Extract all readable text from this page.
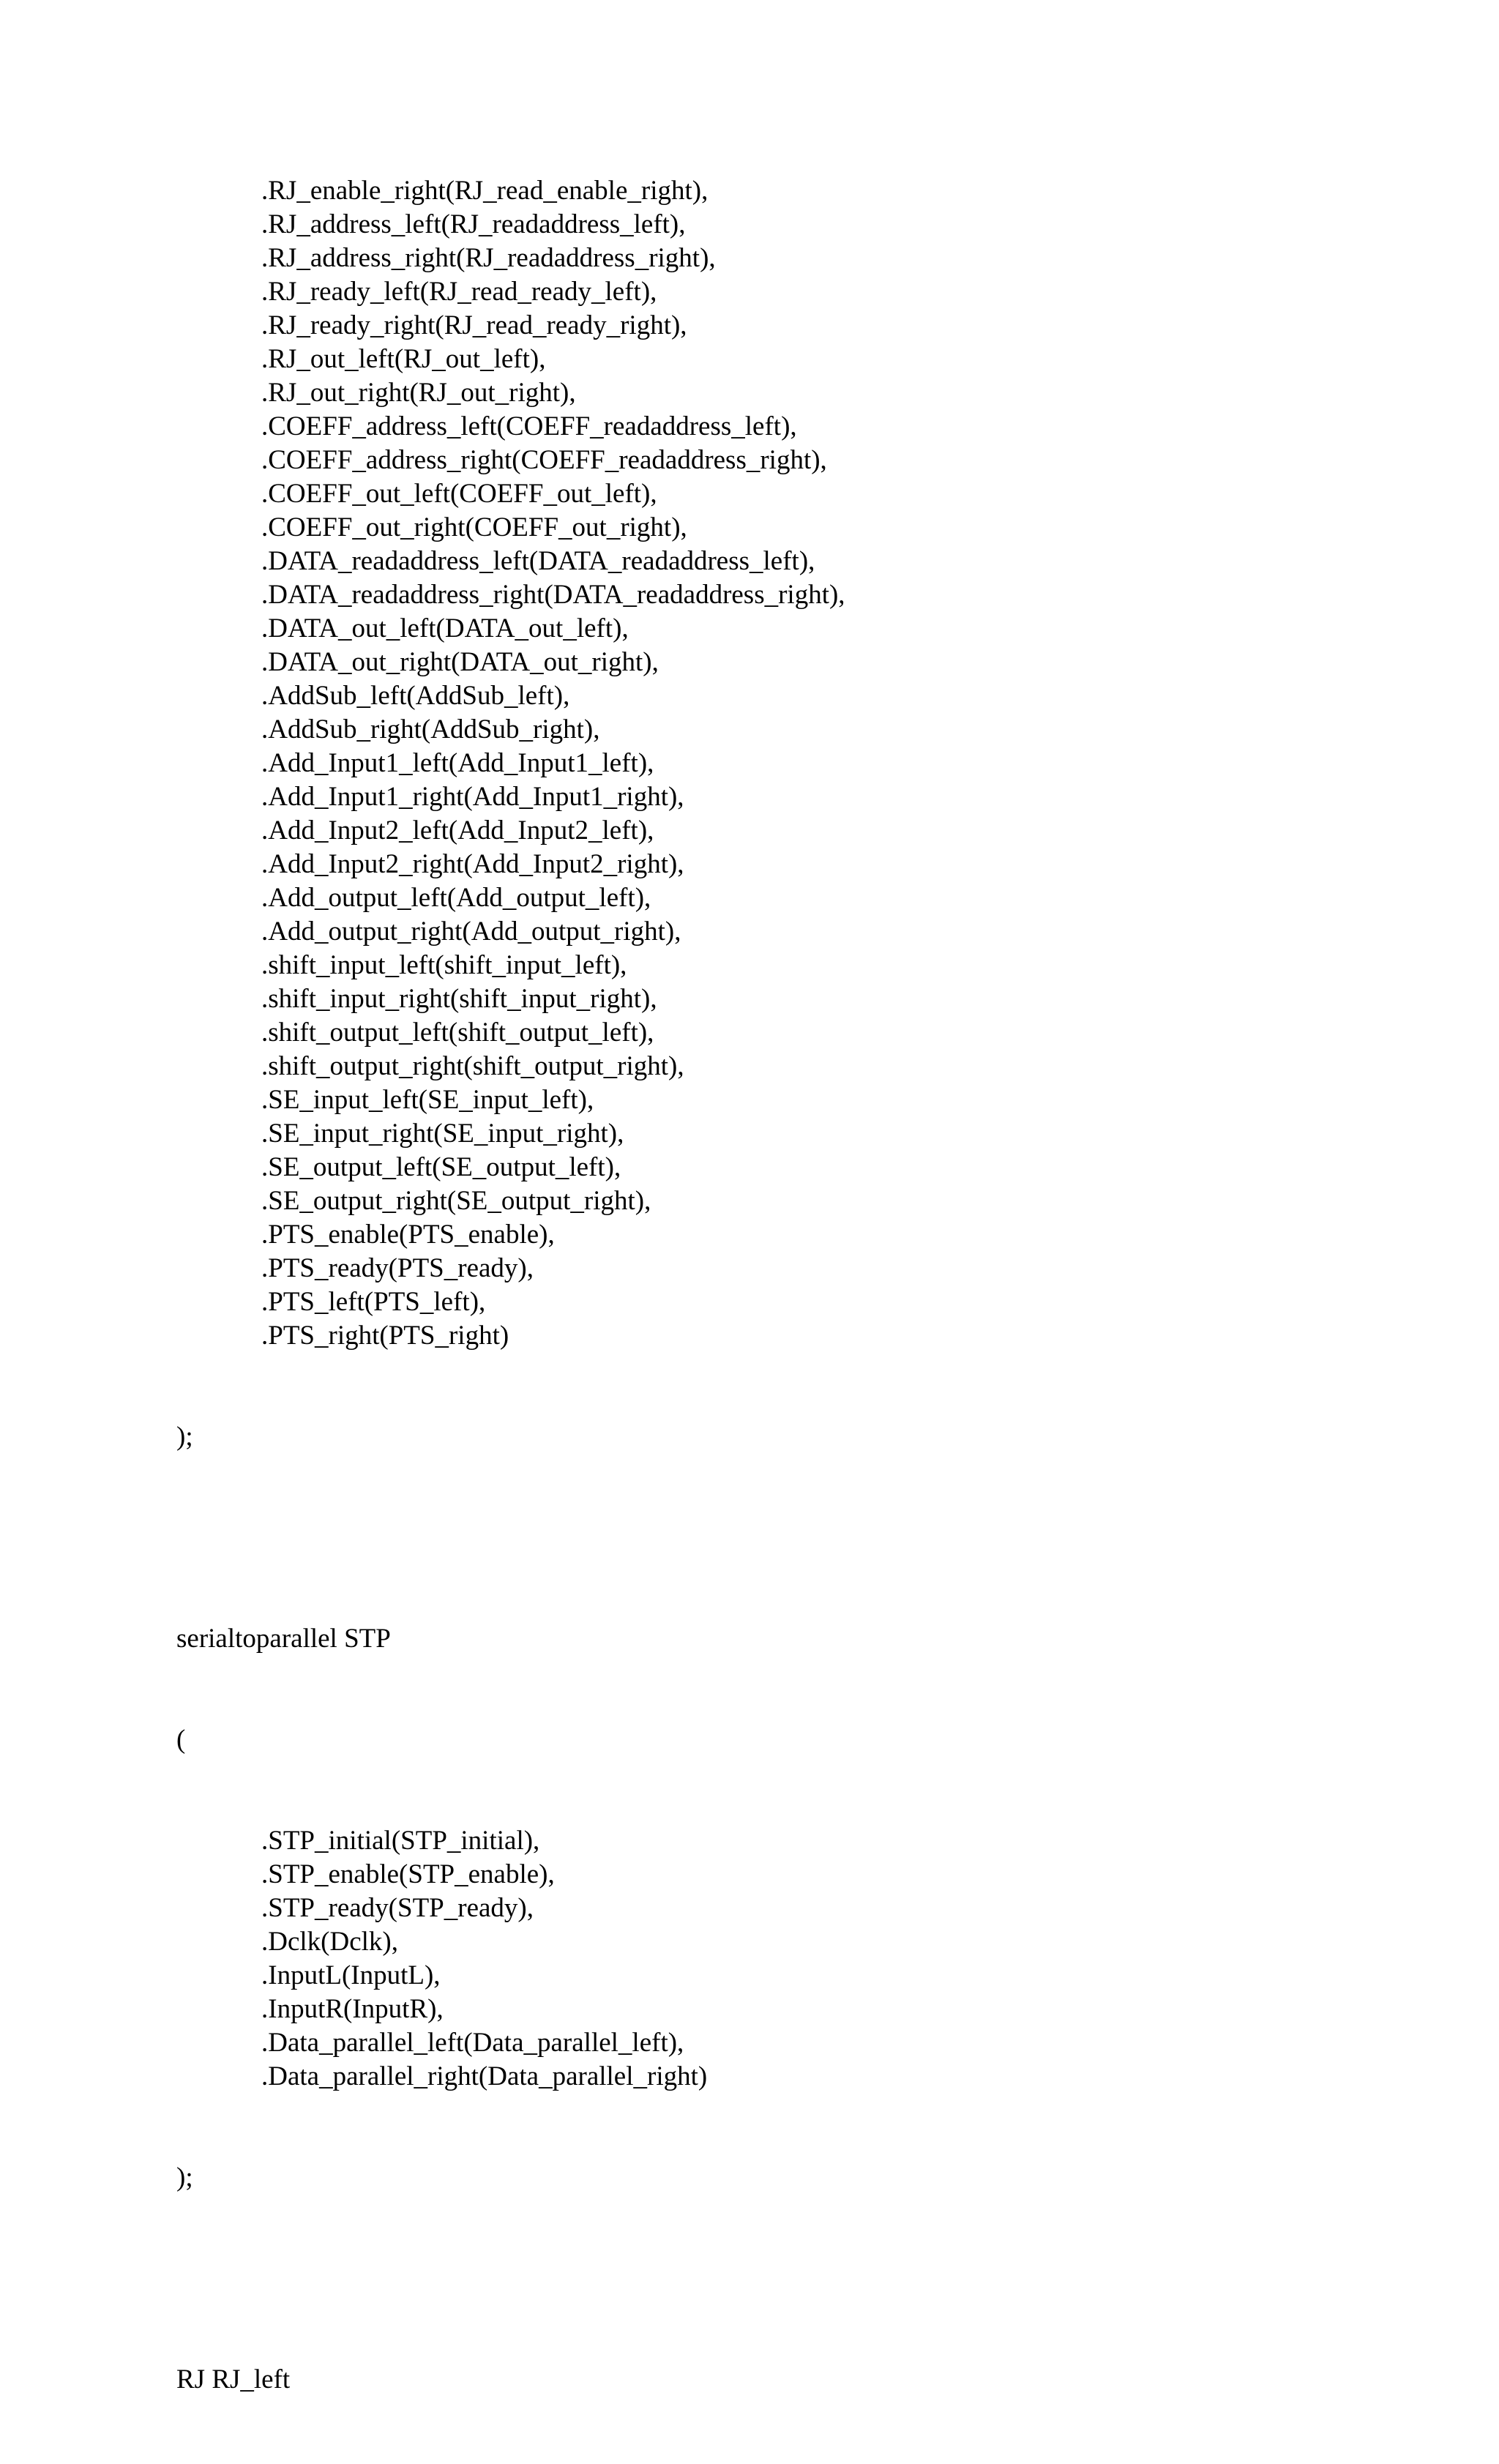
.RJ_enable_right(RJ_read_enable_right),
.RJ_address_left(RJ_readaddress_left),
.RJ_address_right(RJ_readaddress_right),
.RJ_ready_left(RJ_read_ready_left),
.RJ_ready_right(RJ_read_ready_right),
.RJ_out_left(RJ_out_left),
.RJ_out_right(RJ_out_right),
.COEFF_address_left(COEFF_readaddress_left),
.COEFF_address_right(COEFF_readaddress_right),
.COEFF_out_left(COEFF_out_left),
.COEFF_out_right(COEFF_out_right),
.DATA_readaddress_left(DATA_readaddress_left),
.DATA_readaddress_right(DATA_readaddress_right),
.DATA_out_left(DATA_out_left),
.DATA_out_right(DATA_out_right),
.AddSub_left(AddSub_left),
.AddSub_right(AddSub_right),
.Add_Input1_left(Add_Input1_left),
.Add_Input1_right(Add_Input1_right),
.Add_Input2_left(Add_Input2_left),
.Add_Input2_right(Add_Input2_right),
.Add_output_left(Add_output_left),
.Add_output_right(Add_output_right),
.shift_input_left(shift_input_left),
.shift_input_right(shift_input_right),
.shift_output_left(shift_output_left),
.shift_output_right(shift_output_right),
.SE_input_left(SE_input_left),
.SE_input_right(SE_input_right),
.SE_output_left(SE_output_left),
.SE_output_right(SE_output_right),
.PTS_enable(PTS_enable),
.PTS_ready(PTS_ready),
.PTS_left(PTS_left),
.PTS_right(PTS_right)

);

serialtoparallel STP

(

.STP_initial(STP_initial),
.STP_enable(STP_enable),
.STP_ready(STP_ready),
.Dclk(Dclk),
.InputL(InputL),
.InputR(InputR),
.Data_parallel_left(Data_parallel_left),
.Data_parallel_right(Data_parallel_right)

);

RJ RJ_left
